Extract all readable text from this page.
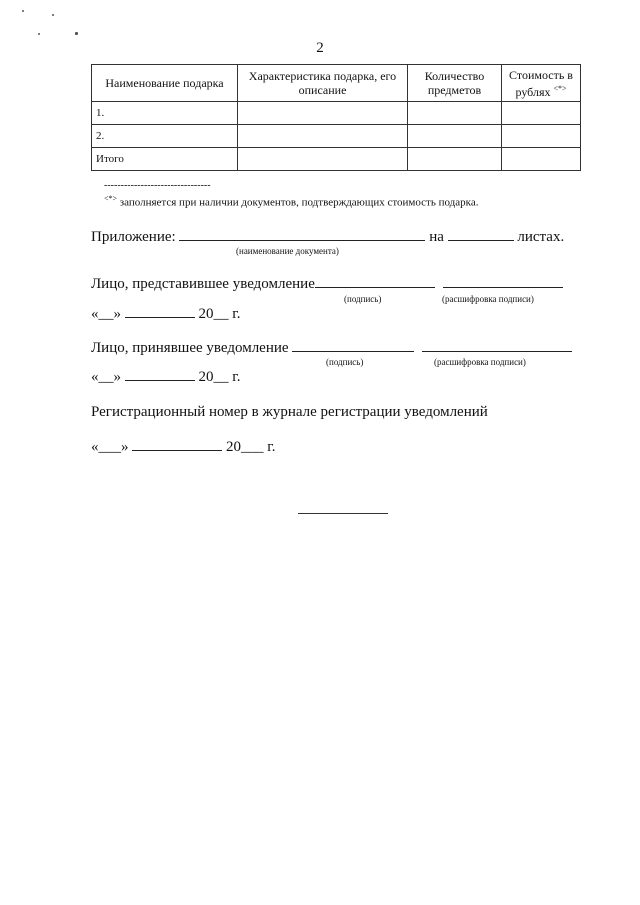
2
Наименование подарка	Характеристика подарка, его описание	Количество предметов	Стоимость в рублях <*>
1.			
2.			
Итого			
--------------------------------
<*> заполняется при наличии документов, подтверждающих стоимость подарка.
Приложение:	на	листах.
(наименование документа)
Лицо, представившее уведомление
(подпись)	(расшифровка подписи)
«__»	20__ г.
Лицо, принявшее уведомление
(подпись)	(расшифровка подписи)
«__»	20__ г.
Регистрационный номер в журнале регистрации уведомлений
«___»	20___ г.
